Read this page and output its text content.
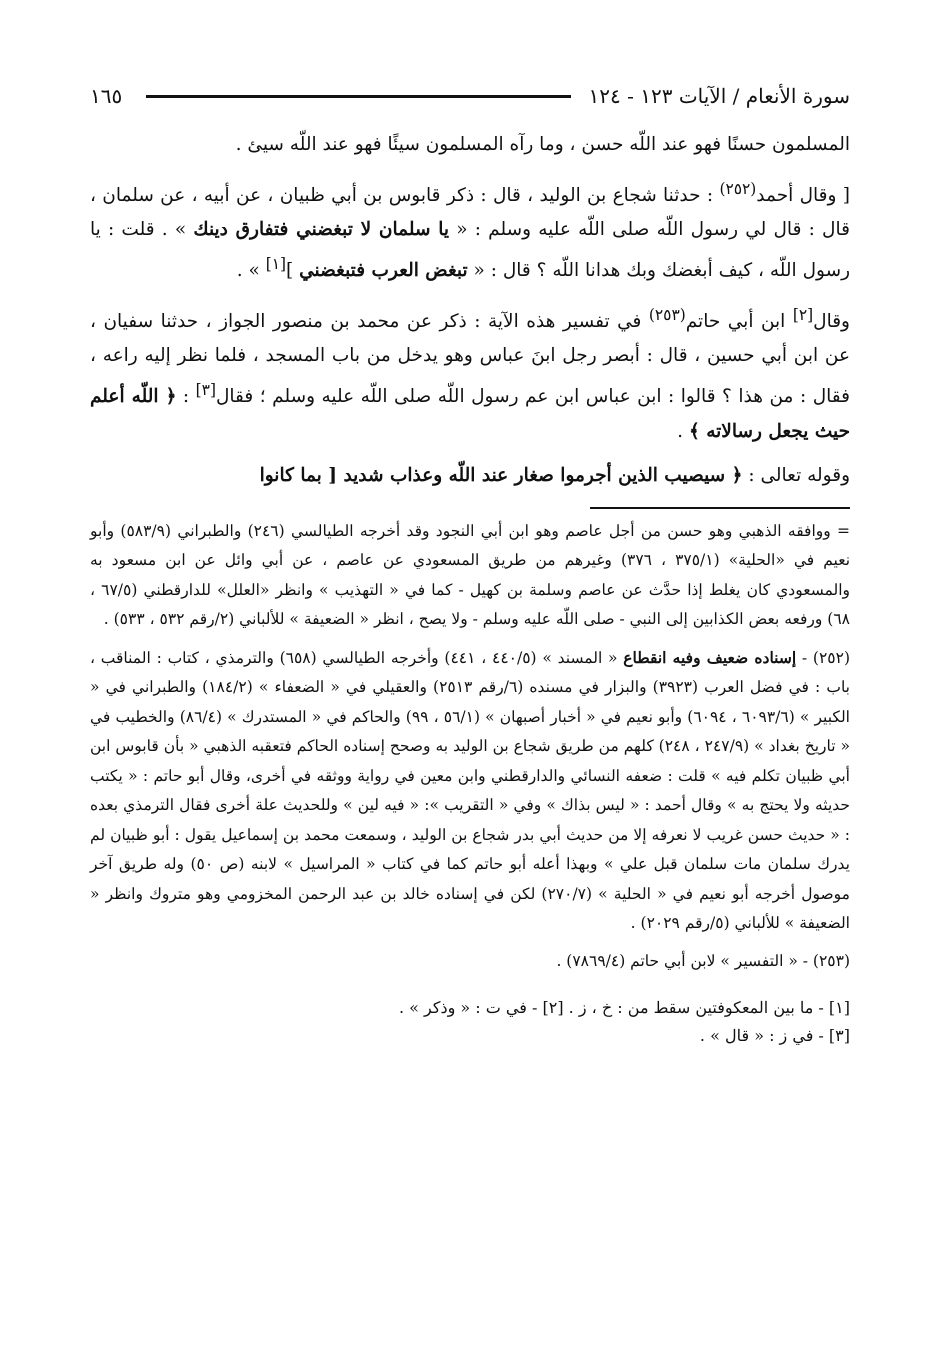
سورة الأنعام / الآيات ١٢٣ - ١٢٤
١٦٥

المسلمون حسنًا فهو عند اللّه حسن ، وما رآه المسلمون سيئًا فهو عند اللّه سيئ .

[ وقال أحمد$^{(٢٥٢)}$ : حدثنا شجاع بن الوليد ، قال : ذكر قابوس بن أبي ظبيان ، عن أبيه ، عن سلمان ، قال : قال لي رسول اللّه صلى اللّه عليه وسلم : « يا سلمان لا تبغضني فتفارق دينك » . قلت : يا رسول اللّه ، كيف أبغضك وبك هدانا اللّه ؟ قال : « تبغض العرب فتبغضني ][١] » .

وقال[٢] ابن أبي حاتم$^{(٢٥٣)}$ في تفسير هذه الآية : ذكر عن محمد بن منصور الجواز ، حدثنا سفيان ، عن ابن أبي حسين ، قال : أبصر رجل ابنَ عباس وهو يدخل من باب المسجد ، فلما نظر إليه راعه ، فقال : من هذا ؟ قالوا : ابن عباس ابن عم رسول اللّه صلى اللّه عليه وسلم ؛ فقال[٣] : ﴿ اللّه أعلم حيث يجعل رسالاته ﴾ .

وقوله تعالى : ﴿ سيصيب الذين أجرموا صغار عند اللّه وعذاب شديد [ بما كانوا

= ووافقه الذهبي وهو حسن من أجل عاصم وهو ابن أبي النجود وقد أخرجه الطيالسي (٢٤٦) والطبراني (٥٨٣/٩) وأبو نعيم في «الحلية» (٣٧٥/١ ، ٣٧٦) وغيرهم من طريق المسعودي عن عاصم ، عن أبي وائل عن ابن مسعود به والمسعودي كان يغلط إذا حدَّث عن عاصم وسلمة بن كهيل - كما في « التهذيب » وانظر «العلل» للدارقطني (٦٧/٥ ، ٦٨) ورفعه بعض الكذابين إلى النبي - صلى اللّه عليه وسلم - ولا يصح ، انظر « الضعيفة » للألباني (٢/رقم ٥٣٢ ، ٥٣٣) .

(٢٥٢) - إسناده ضعيف وفيه انقطاع « المسند » (٤٤٠/٥ ، ٤٤١) وأخرجه الطيالسي (٦٥٨) والترمذي ، كتاب : المناقب ، باب : في فضل العرب (٣٩٢٣) والبزار في مسنده (٦/رقم ٢٥١٣) والعقيلي في « الضعفاء » (١٨٤/٢) والطبراني في « الكبير » (٦٠٩٣/٦ ، ٦٠٩٤) وأبو نعيم في « أخبار أصبهان » (٥٦/١ ، ٩٩) والحاكم في « المستدرك » (٨٦/٤) والخطيب في « تاريخ بغداد » (٢٤٧/٩ ، ٢٤٨) كلهم من طريق شجاع بن الوليد به وصحح إسناده الحاكم فتعقبه الذهبي « بأن قابوس ابن أبي ظبيان تكلم فيه » قلت : ضعفه النسائي والدارقطني وابن معين في رواية ووثقه في أخرى، وقال أبو حاتم : « يكتب حديثه ولا يحتج به » وقال أحمد : « ليس بذاك » وفي « التقريب »: « فيه لين » وللحديث علة أخرى فقال الترمذي بعده : « حديث حسن غريب لا نعرفه إلا من حديث أبي بدر شجاع بن الوليد ، وسمعت محمد بن إسماعيل يقول : أبو ظبيان لم يدرك سلمان مات سلمان قبل علي » وبهذا أعله أبو حاتم كما في كتاب « المراسيل » لابنه (ص ٥٠) وله طريق آخر موصول أخرجه أبو نعيم في « الحلية » (٢٧٠/٧) لكن في إسناده خالد بن عبد الرحمن المخزومي وهو متروك وانظر « الضعيفة » للألباني (٥/رقم ٢٠٢٩) .

(٢٥٣) - « التفسير » لابن أبي حاتم (٧٨٦٩/٤) .

[١] - ما بين المعكوفتين سقط من : خ ، ز . [٢] - في ت : « وذكر » .

[٣] - في ز : « قال » .
